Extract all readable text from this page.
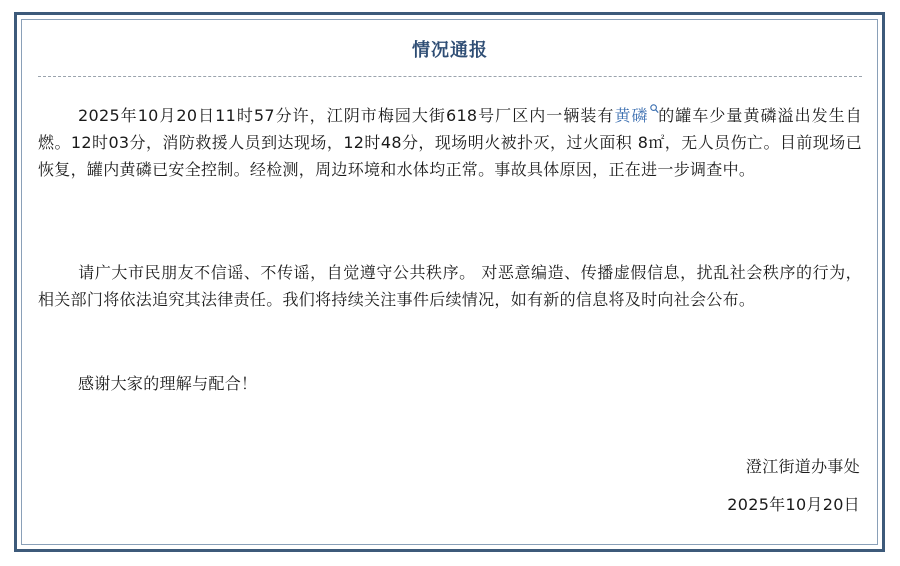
情况通报

2025年10月20日11时57分许，江阴市梅园大街618号厂区内一辆装有黄磷 的罐车少量黄磷溢出发生自燃。12时03分，消防救援人员到达现场，12时48分，现场明火被扑灭，过火面积 8㎡，无人员伤亡。目前现场已恢复，罐内黄磷已安全控制。经检测，周边环境和水体均正常。事故具体原因，正在进一步调查中。

请广大市民朋友不信谣、不传谣，自觉遵守公共秩序。 对恶意编造、传播虚假信息，扰乱社会秩序的行为，相关部门将依法追究其法律责任。我们将持续关注事件后续情况，如有新的信息将及时向社会公布。

感谢大家的理解与配合！

澄江街道办事处
2025年10月20日
